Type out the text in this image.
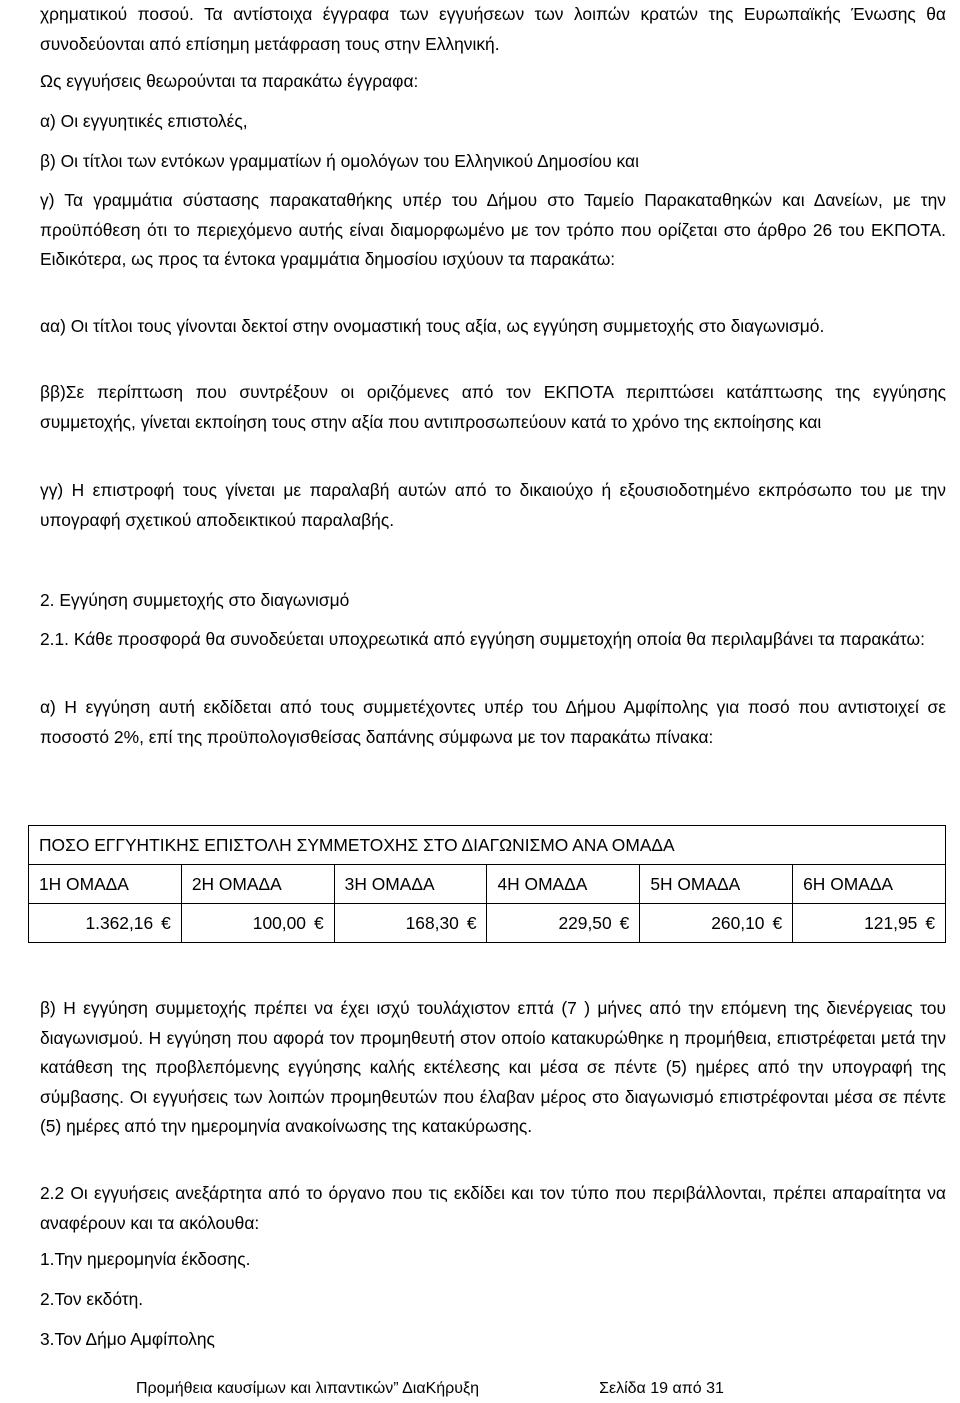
χρηματικού ποσού. Τα αντίστοιχα έγγραφα των εγγυήσεων των λοιπών κρατών της Ευρωπαϊκής Ένωσης θα συνοδεύονται από επίσημη μετάφραση τους στην Ελληνική.

Ως εγγυήσεις θεωρούνται τα παρακάτω έγγραφα:

α) Οι εγγυητικές επιστολές,

β) Οι τίτλοι των εντόκων γραμματίων ή ομολόγων του Ελληνικού Δημοσίου και

γ) Τα γραμμάτια σύστασης παρακαταθήκης υπέρ του Δήμου στο Ταμείο Παρακαταθηκών και Δανείων, με την προϋπόθεση ότι το περιεχόμενο αυτής είναι διαμορφωμένο με τον τρόπο που ορίζεται στο άρθρο 26 του ΕΚΠΟΤΑ. Ειδικότερα, ως προς τα έντοκα γραμμάτια δημοσίου ισχύουν τα παρακάτω:

αα) Οι τίτλοι τους γίνονται δεκτοί στην ονομαστική τους αξία, ως εγγύηση συμμετοχής στο διαγωνισμό.

ββ)Σε περίπτωση που συντρέξουν οι οριζόμενες από τον ΕΚΠΟΤΑ περιπτώσει κατάπτωσης της εγγύησης συμμετοχής, γίνεται εκποίηση τους στην αξία που αντιπροσωπεύουν κατά το χρόνο της εκποίησης και

γγ) Η επιστροφή τους γίνεται με παραλαβή αυτών από το δικαιούχο ή εξουσιοδοτημένο εκπρόσωπο του με την υπογραφή σχετικού αποδεικτικού παραλαβής.

2. Εγγύηση συμμετοχής στο διαγωνισμό

2.1. Κάθε προσφορά θα συνοδεύεται υποχρεωτικά από εγγύηση συμμετοχήη οποία θα περιλαμβάνει τα παρακάτω:

α) Η εγγύηση αυτή εκδίδεται από τους συμμετέχοντες υπέρ του Δήμου Αμφίπολης για ποσό που αντιστοιχεί σε ποσοστό 2%, επί της προϋπολογισθείσας δαπάνης σύμφωνα με τον παρακάτω πίνακα:

ΠΟΣΟ ΕΓΓΥΗΤΙΚΗΣ ΕΠΙΣΤΟΛΗ ΣΥΜΜΕΤΟΧΗΣ ΣΤΟ ΔΙΑΓΩΝΙΣΜΟ ΑΝΑ ΟΜΑΔΑ					
1Η ΟΜΑΔΑ	2Η ΟΜΑΔΑ	3Η ΟΜΑΔΑ	4Η ΟΜΑΔΑ	5Η ΟΜΑΔΑ	6Η ΟΜΑΔΑ
1.362,16 €	100,00 €	168,30 €	229,50 €	260,10 €	121,95 €

β) Η εγγύηση συμμετοχής πρέπει να έχει ισχύ τουλάχιστον επτά (7 ) μήνες από την επόμενη της διενέργειας του διαγωνισμού. Η εγγύηση που αφορά τον προμηθευτή στον οποίο κατακυρώθηκε η προμήθεια, επιστρέφεται μετά την κατάθεση της προβλεπόμενης εγγύησης καλής εκτέλεσης και μέσα σε πέντε (5) ημέρες από την υπογραφή της σύμβασης. Οι εγγυήσεις των λοιπών προμηθευτών που έλαβαν μέρος στο διαγωνισμό επιστρέφονται μέσα σε πέντε (5) ημέρες από την ημερομηνία ανακοίνωσης της κατακύρωσης.

2.2 Οι εγγυήσεις ανεξάρτητα από το όργανο που τις εκδίδει και τον τύπο που περιβάλλονται, πρέπει απαραίτητα να αναφέρουν και τα ακόλουθα:

1.Την ημερομηνία έκδοσης.

2.Τον εκδότη.

3.Τον Δήμο Αμφίπολης

Προμήθεια καυσίμων και λιπαντικών” ΔιαΚήρυξη	Σελίδα 19 από 31
